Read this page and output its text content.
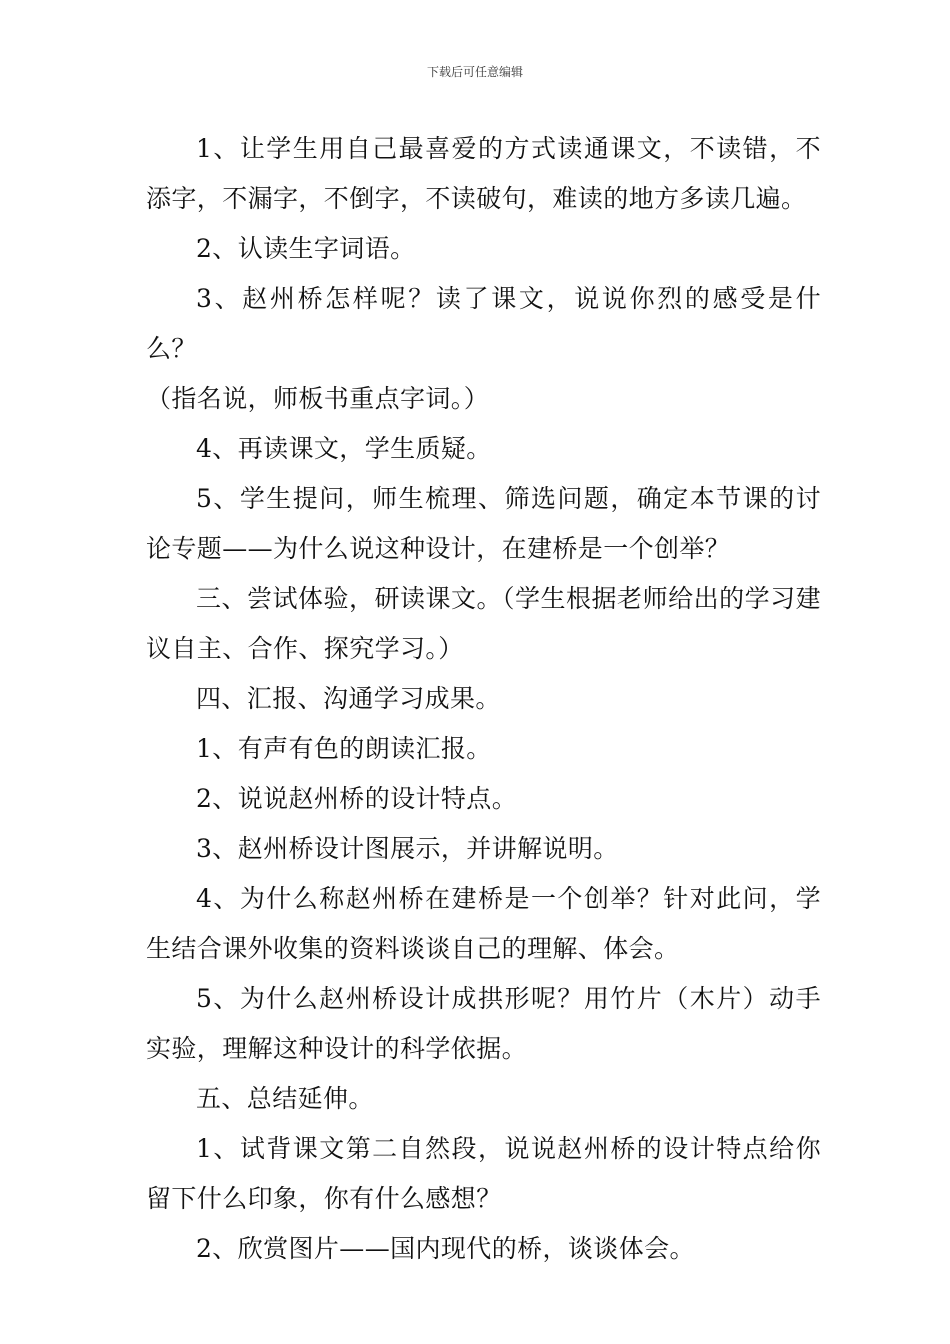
下载后可任意编辑

1、让学生用自己最喜爱的方式读通课文，不读错，不添字，不漏字，不倒字，不读破句，难读的地方多读几遍。

2、认读生字词语。

3、赵州桥怎样呢？读了课文，说说你烈的感受是什么？

（指名说，师板书重点字词。）

4、再读课文，学生质疑。

5、学生提问，师生梳理、筛选问题，确定本节课的讨论专题——为什么说这种设计，在建桥是一个创举？

三、尝试体验，研读课文。（学生根据老师给出的学习建议自主、合作、探究学习。）

四、汇报、沟通学习成果。

1、有声有色的朗读汇报。

2、说说赵州桥的设计特点。

3、赵州桥设计图展示，并讲解说明。

4、为什么称赵州桥在建桥是一个创举？针对此问，学生结合课外收集的资料谈谈自己的理解、体会。

5、为什么赵州桥设计成拱形呢？用竹片（木片）动手实验，理解这种设计的科学依据。

五、总结延伸。

1、试背课文第二自然段，说说赵州桥的设计特点给你留下什么印象，你有什么感想？

2、欣赏图片——国内现代的桥，谈谈体会。
